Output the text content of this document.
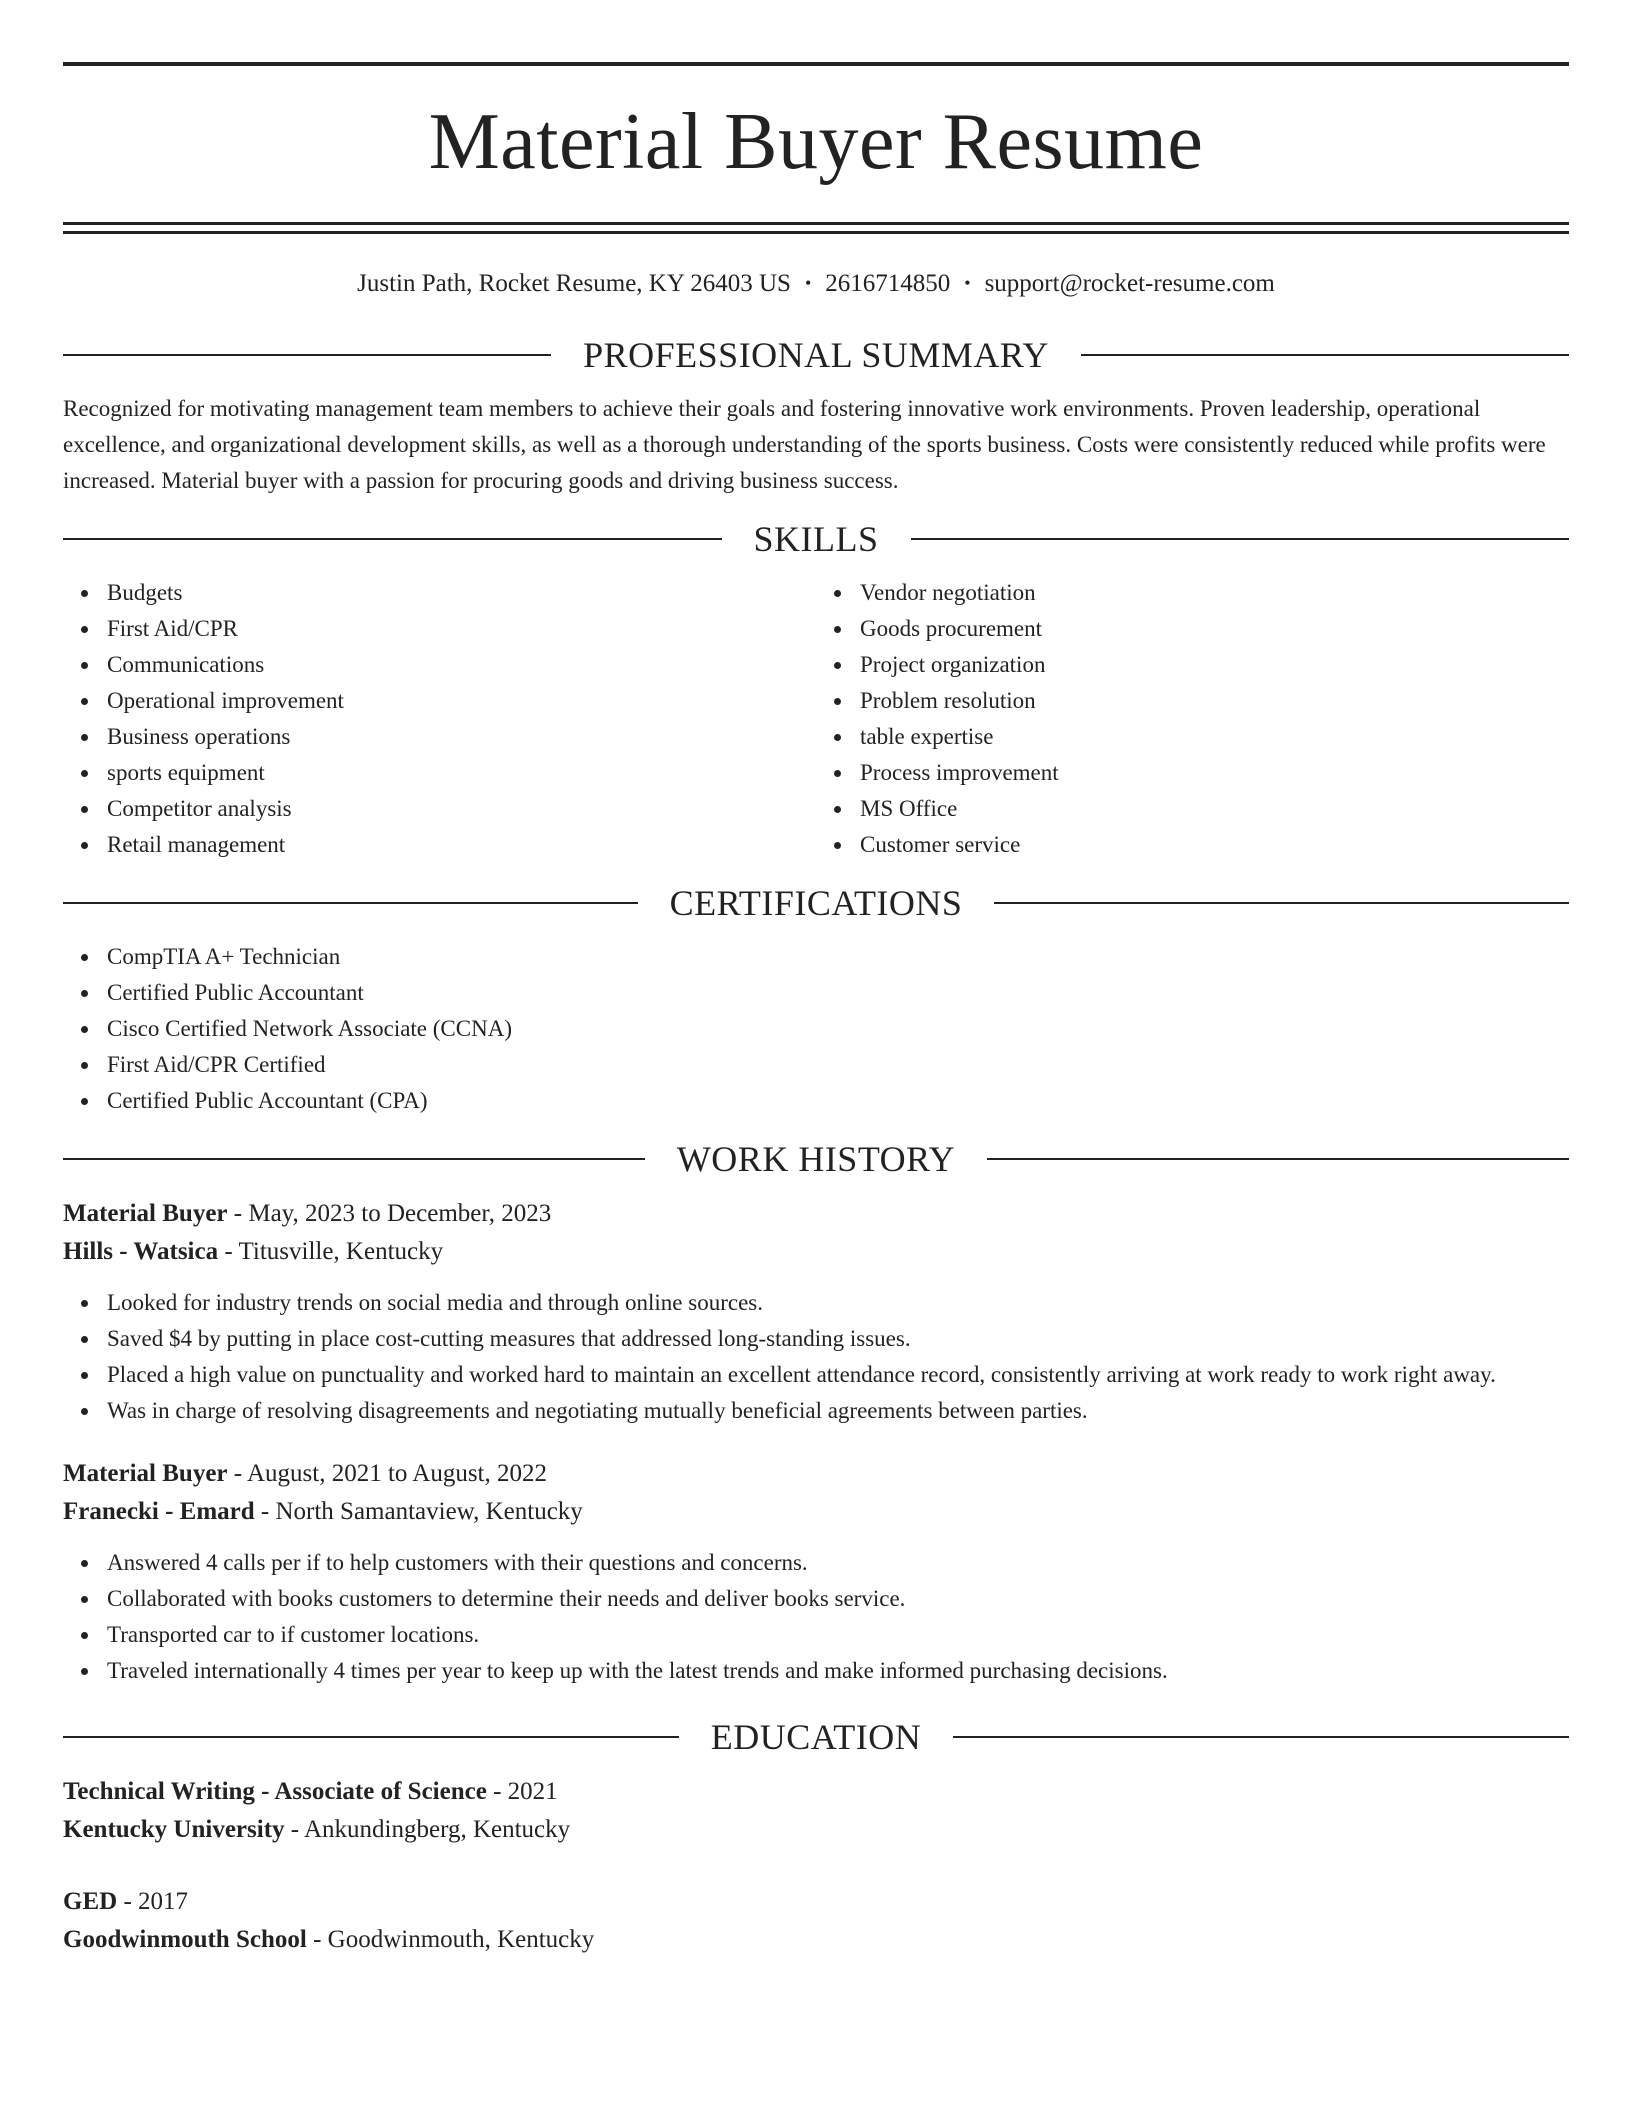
Material Buyer Resume
Justin Path, Rocket Resume, KY 26403 US • 2616714850 • support@rocket-resume.com
PROFESSIONAL SUMMARY

Recognized for motivating management team members to achieve their goals and fostering innovative work environments. Proven leadership, operational excellence, and organizational development skills, as well as a thorough understanding of the sports business. Costs were consistently reduced while profits were increased. Material buyer with a passion for procuring goods and driving business success.

SKILLS
Budgets
First Aid/CPR
Communications
Operational improvement
Business operations
sports equipment
Competitor analysis
Retail management
Vendor negotiation
Goods procurement
Project organization
Problem resolution
table expertise
Process improvement
MS Office
Customer service
CERTIFICATIONS
CompTIA A+ Technician
Certified Public Accountant
Cisco Certified Network Associate (CCNA)
First Aid/CPR Certified
Certified Public Accountant (CPA)
WORK HISTORY
Material Buyer - May, 2023 to December, 2023
Hills - Watsica - Titusville, Kentucky
Looked for industry trends on social media and through online sources.
Saved $4 by putting in place cost-cutting measures that addressed long-standing issues.
Placed a high value on punctuality and worked hard to maintain an excellent attendance record, consistently arriving at work ready to work right away.
Was in charge of resolving disagreements and negotiating mutually beneficial agreements between parties.
Material Buyer - August, 2021 to August, 2022
Franecki - Emard - North Samantaview, Kentucky
Answered 4 calls per if to help customers with their questions and concerns.
Collaborated with books customers to determine their needs and deliver books service.
Transported car to if customer locations.
Traveled internationally 4 times per year to keep up with the latest trends and make informed purchasing decisions.
EDUCATION
Technical Writing - Associate of Science - 2021
Kentucky University - Ankundingberg, Kentucky
GED - 2017
Goodwinmouth School - Goodwinmouth, Kentucky
